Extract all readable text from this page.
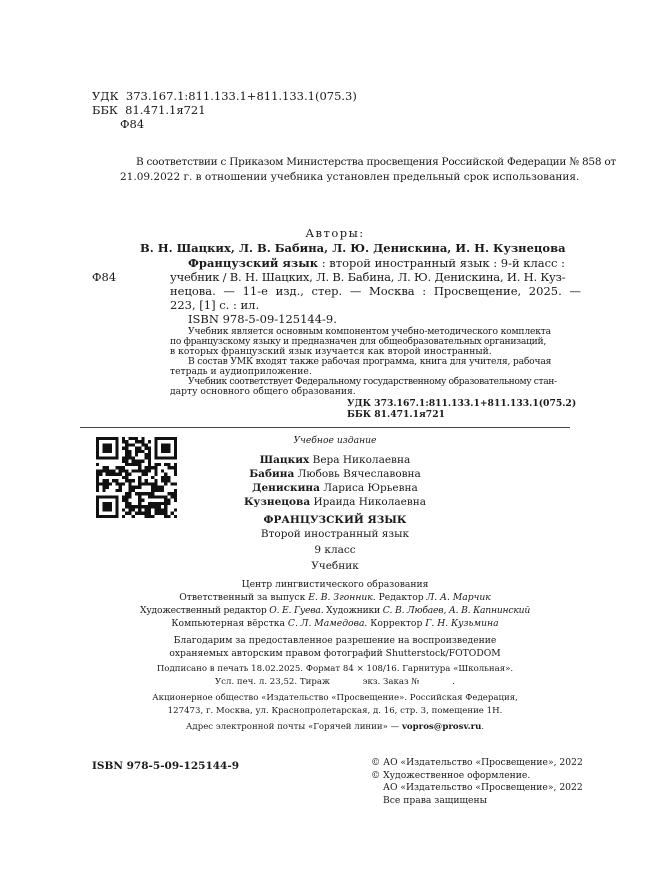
УДК 373.167.1:811.133.1+811.133.1(075.3)
ББК 81.471.1я721
Ф84
В соответствии с Приказом Министерства просвещения Российской Федерации № 858 от
21.09.2022 г. в отношении учебника установлен предельный срок использования.
Авторы:
В. Н. Шацких, Л. В. Бабина, Л. Ю. Денискина, И. Н. Кузнецова
Ф84
Французский язык : второй иностранный язык : 9-й класс :
учебник / В. Н. Шацких, Л. В. Бабина, Л. Ю. Денискина, И. Н. Куз-
нецова. — 11-е изд., стер. — Москва : Просвещение, 2025. —
223, [1] с. : ил.
ISBN 978-5-09-125144-9.
Учебник является основным компонентом учебно-методического комплекта
по французскому языку и предназначен для общеобразовательных организаций,
в которых французский язык изучается как второй иностранный.
В состав УМК входят также рабочая программа, книга для учителя, рабочая
тетрадь и аудиоприложение.
Учебник соответствует Федеральному государственному образовательному стан-
дарту основного общего образования.
УДК 373.167.1:811.133.1+811.133.1(075.2)
ББК 81.471.1я721
Учебное издание
Шацких Вера Николаевна
Бабина Любовь Вячеславовна
Денискина Лариса Юрьевна
Кузнецова Ираида Николаевна
ФРАНЦУЗСКИЙ ЯЗЫК
Второй иностранный язык
9 класс
Учебник
Центр лингвистического образования
Ответственный за выпуск Е. В. Згонник. Редактор Л. А. Марчик
Художественный редактор О. Е. Гуева. Художники С. В. Любаев, А. В. Капнинский
Компьютерная вёрстка С. Л. Мамедова. Корректор Г. Н. Кузьмина
Благодарим за предоставленное разрешение на воспроизведение
охраняемых авторским правом фотографий Shutterstock/FOTODOM
Подписано в печать 18.02.2025. Формат 84 × 108/16. Гарнитура «Школьная».
Усл. печ. л. 23,52. Тираж            экз. Заказ №            .
Акционерное общество «Издательство «Просвещение». Российская Федерация,
127473, г. Москва, ул. Краснопролетарская, д. 16, стр. 3, помещение 1Н.
Адрес электронной почты «Горячей линии» — vopros@prosv.ru.
ISBN 978-5-09-125144-9	© АО «Издательство «Просвещение», 2022
© Художественное оформление.
АО «Издательство «Просвещение», 2022
Все права защищены
